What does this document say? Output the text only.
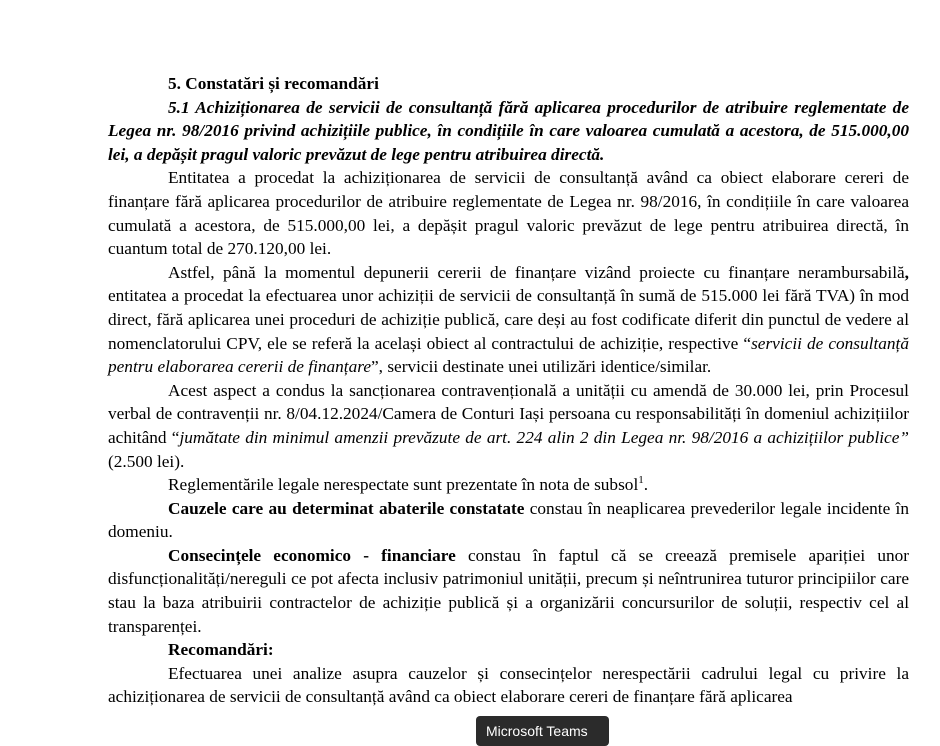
5. Constatări și recomandări

5.1 Achiziționarea de servicii de consultanță fără aplicarea procedurilor de atribuire reglementate de Legea nr. 98/2016 privind achizițiile publice, în condițiile în care valoarea cumulată a acestora, de 515.000,00 lei, a depășit pragul valoric prevăzut de lege pentru atribuirea directă.

Entitatea a procedat la achiziționarea de servicii de consultanță având ca obiect elaborare cereri de finanțare fără aplicarea procedurilor de atribuire reglementate de Legea nr. 98/2016, în condițiile în care valoarea cumulată a acestora, de 515.000,00 lei, a depășit pragul valoric prevăzut de lege pentru atribuirea directă, în cuantum total de 270.120,00 lei.

Astfel, până la momentul depunerii cererii de finanțare vizând proiecte cu finanțare nerambursabilă, entitatea a procedat la efectuarea unor achiziții de servicii de consultanță în sumă de 515.000 lei fără TVA) în mod direct, fără aplicarea unei proceduri de achiziție publică, care deși au fost codificate diferit din punctul de vedere al nomenclatorului CPV, ele se referă la același obiect al contractului de achiziție, respective “servicii de consultanță pentru elaborarea cererii de finanțare”, servicii destinate unei utilizări identice/similar.

Acest aspect a condus la sancționarea contravențională a unității cu amendă de 30.000 lei, prin Procesul verbal de contravenții nr. 8/04.12.2024/Camera de Conturi Iași persoana cu responsabilități în domeniul achizițiilor achitând “jumătate din minimul amenzii prevăzute de art. 224 alin 2 din Legea nr. 98/2016 a achizițiilor publice” (2.500 lei).

Reglementările legale nerespectate sunt prezentate în nota de subsol$^1$.

Cauzele care au determinat abaterile constatate constau în neaplicarea prevederilor legale incidente în domeniu.

Consecințele economico - financiare constau în faptul că se creează premisele apariției unor disfuncționalități/nereguli ce pot afecta inclusiv patrimoniul unității, precum și neîntrunirea tuturor principiilor care stau la baza atribuirii contractelor de achiziție publică și a organizării concursurilor de soluții, respectiv cel al transparenței.

Recomandări:

Efectuarea unei analize asupra cauzelor și consecințelor nerespectării cadrului legal cu privire la achiziționarea de servicii de consultanță având ca obiect elaborare cereri de finanțare fără aplicarea

Microsoft Teams
